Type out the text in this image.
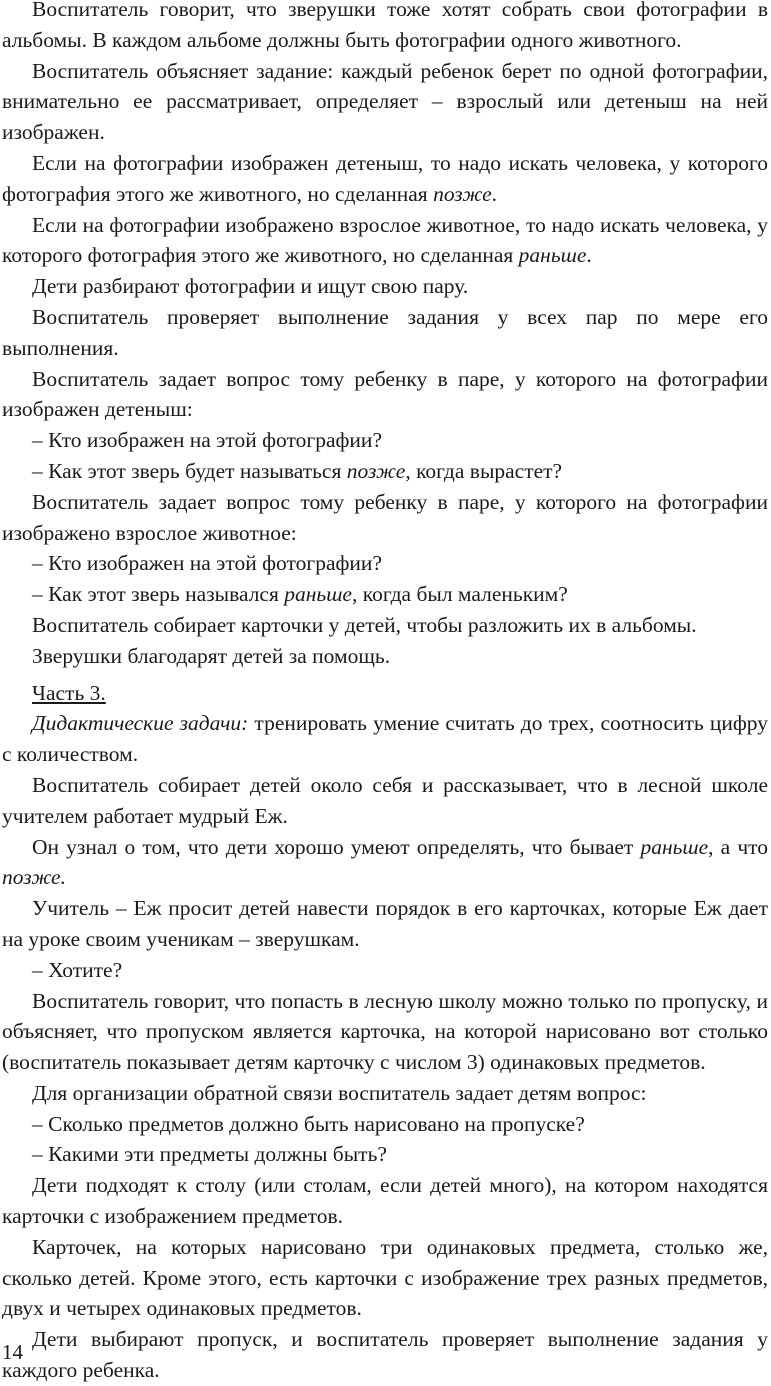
Воспитатель говорит, что зверушки тоже хотят собрать свои фотографии в альбомы. В каждом альбоме должны быть фотографии одного животного.

Воспитатель объясняет задание: каждый ребенок берет по одной фотографии, внимательно ее рассматривает, определяет – взрослый или детеныш на ней изображен.

Если на фотографии изображен детеныш, то надо искать человека, у которого фотография этого же животного, но сделанная позже.

Если на фотографии изображено взрослое животное, то надо искать человека, у которого фотография этого же животного, но сделанная раньше.

Дети разбирают фотографии и ищут свою пару.

Воспитатель проверяет выполнение задания у всех пар по мере его выполнения.

Воспитатель задает вопрос тому ребенку в паре, у которого на фотографии изображен детеныш:

– Кто изображен на этой фотографии?

– Как этот зверь будет называться позже, когда вырастет?

Воспитатель задает вопрос тому ребенку в паре, у которого на фотографии изображено взрослое животное:

– Кто изображен на этой фотографии?

– Как этот зверь назывался раньше, когда был маленьким?

Воспитатель собирает карточки у детей, чтобы разложить их в альбомы.

Зверушки благодарят детей за помощь.

Часть 3.

Дидактические задачи: тренировать умение считать до трех, соотносить цифру с количеством.

Воспитатель собирает детей около себя и рассказывает, что в лесной школе учителем работает мудрый Еж.

Он узнал о том, что дети хорошо умеют определять, что бывает раньше, а что позже.

Учитель – Еж просит детей навести порядок в его карточках, которые Еж дает на уроке своим ученикам – зверушкам.

– Хотите?

Воспитатель говорит, что попасть в лесную школу можно только по пропуску, и объясняет, что пропуском является карточка, на которой нарисовано вот столько (воспитатель показывает детям карточку с числом 3) одинаковых предметов.

Для организации обратной связи воспитатель задает детям вопрос:

– Сколько предметов должно быть нарисовано на пропуске?

– Какими эти предметы должны быть?

Дети подходят к столу (или столам, если детей много), на котором находятся карточки с изображением предметов.

Карточек, на которых нарисовано три одинаковых предмета, столько же, сколько детей. Кроме этого, есть карточки с изображение трех разных предметов, двух и четырех одинаковых предметов.

Дети выбирают пропуск, и воспитатель проверяет выполнение задания у каждого ребенка.

14
